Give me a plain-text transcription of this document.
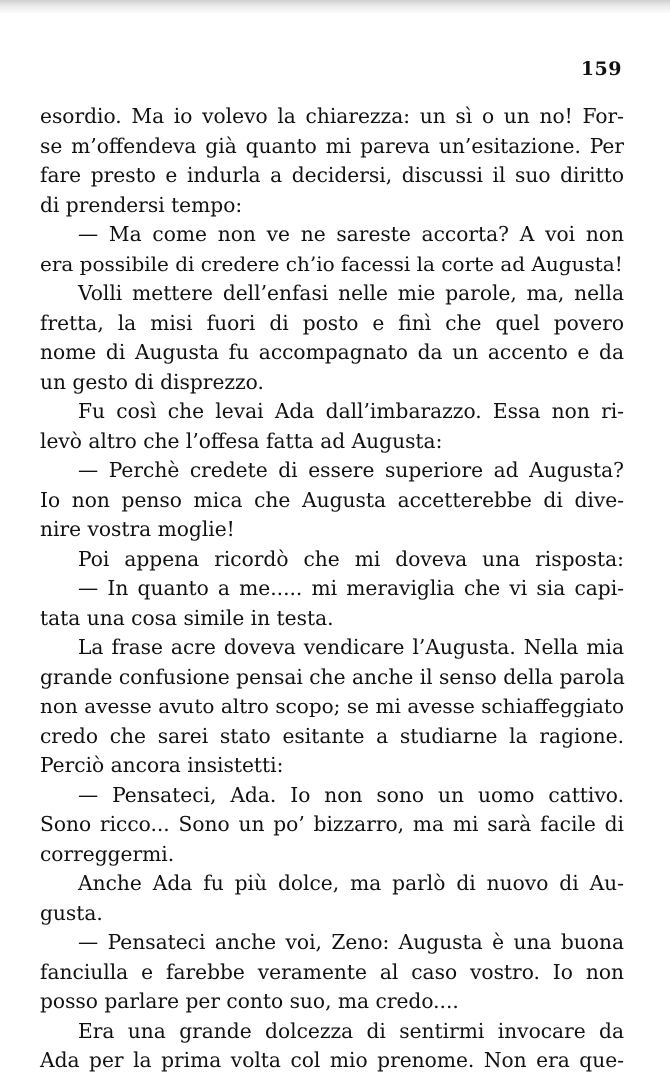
159
esordio. Ma io volevo la chiarezza: un sì o un no! For-
se m’offendeva già quanto mi pareva un’esitazione. Per
fare presto e indurla a decidersi, discussi il suo diritto
di prendersi tempo:
— Ma come non ve ne sareste accorta? A voi non
era possibile di credere ch’io facessi la corte ad Augusta!
Volli mettere dell’enfasi nelle mie parole, ma, nella
fretta, la misi fuori di posto e finì che quel povero
nome di Augusta fu accompagnato da un accento e da
un gesto di disprezzo.
Fu così che levai Ada dall’imbarazzo. Essa non ri-
levò altro che l’offesa fatta ad Augusta:
— Perchè credete di essere superiore ad Augusta?
Io non penso mica che Augusta accetterebbe di dive-
nire vostra moglie!
Poi appena ricordò che mi doveva una risposta:
— In quanto a me..... mi meraviglia che vi sia capi-
tata una cosa simile in testa.
La frase acre doveva vendicare l’Augusta. Nella mia
grande confusione pensai che anche il senso della parola
non avesse avuto altro scopo; se mi avesse schiaffeggiato
credo che sarei stato esitante a studiarne la ragione.
Perciò ancora insistetti:
— Pensateci, Ada. Io non sono un uomo cattivo.
Sono ricco... Sono un po’ bizzarro, ma mi sarà facile di
correggermi.
Anche Ada fu più dolce, ma parlò di nuovo di Au-
gusta.
— Pensateci anche voi, Zeno: Augusta è una buona
fanciulla e farebbe veramente al caso vostro. Io non
posso parlare per conto suo, ma credo....
Era una grande dolcezza di sentirmi invocare da
Ada per la prima volta col mio prenome. Non era que-
